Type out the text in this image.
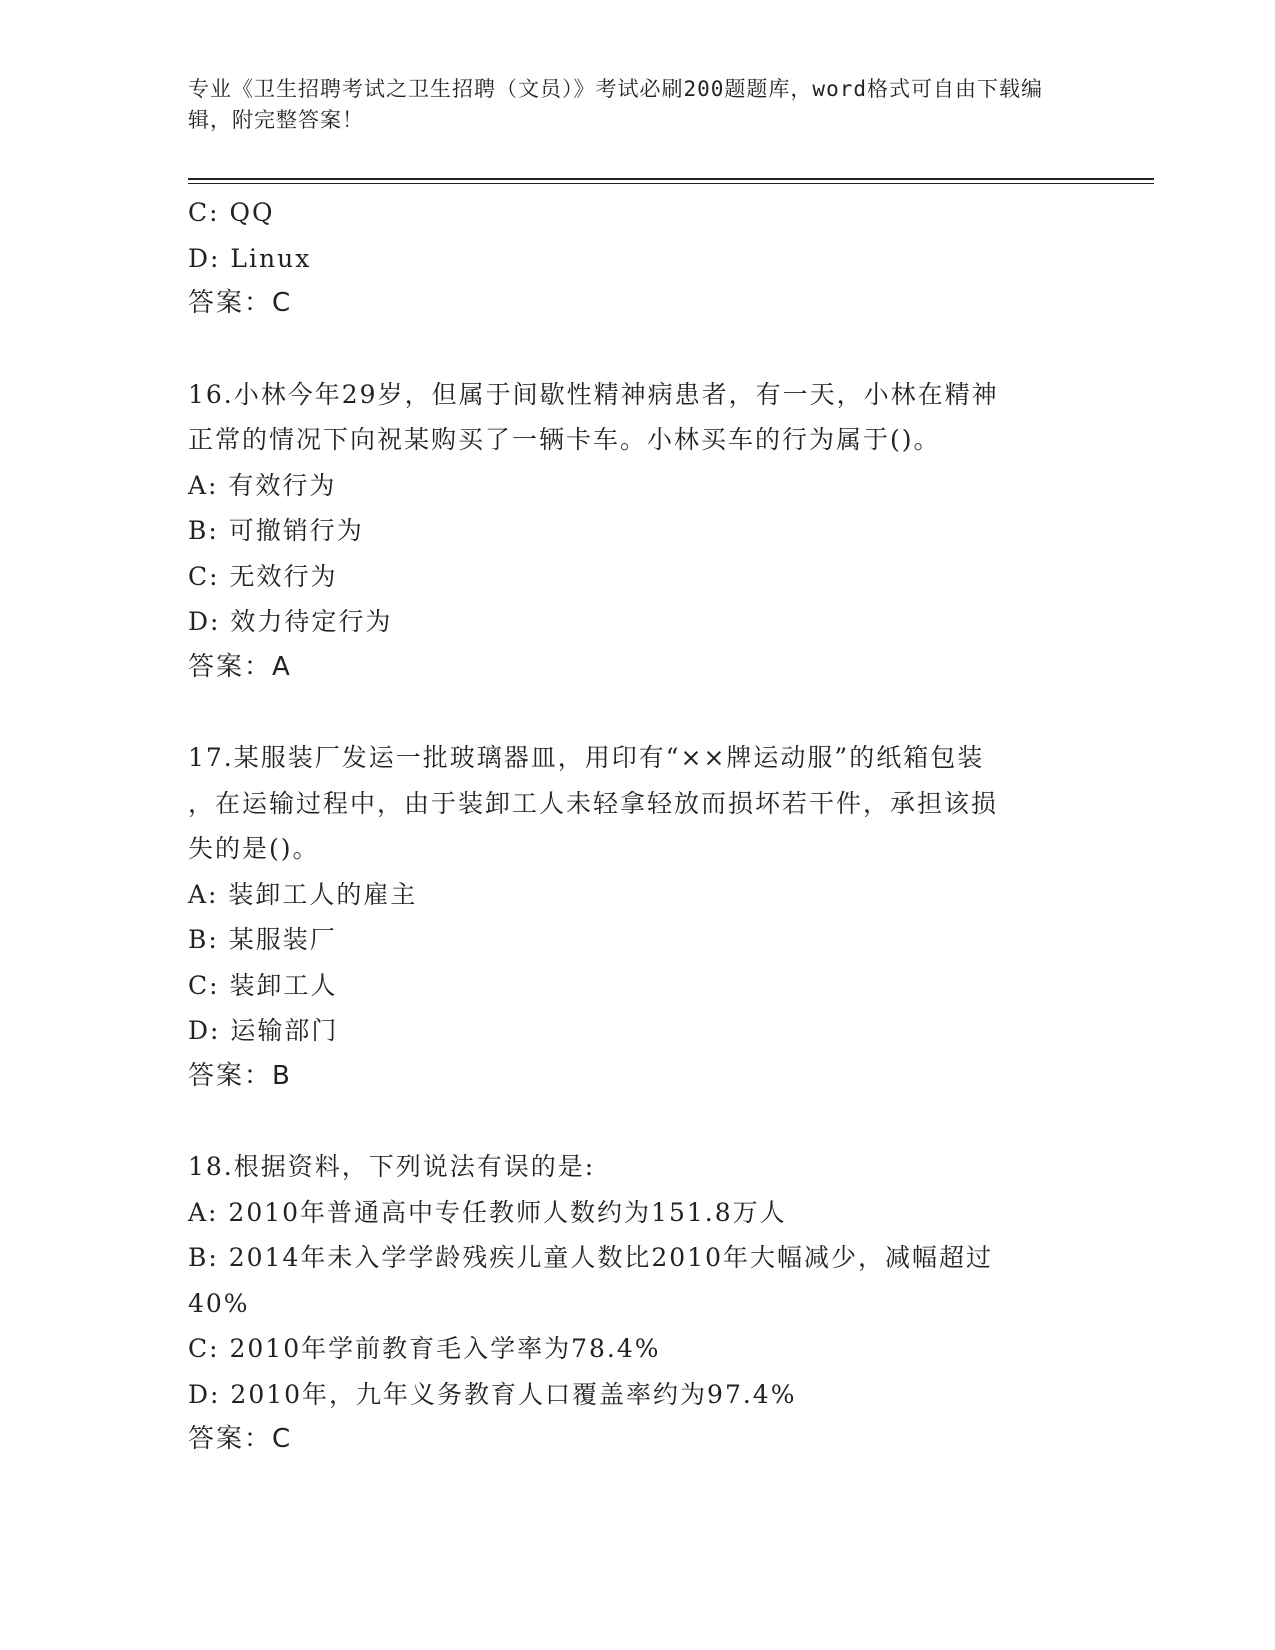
专业《卫生招聘考试之卫生招聘（文员）》考试必刷200题题库，word格式可自由下载编辑，附完整答案！
C: QQ
D: Linux
答案：C
16.小林今年29岁，但属于间歇性精神病患者，有一天，小林在精神
正常的情况下向祝某购买了一辆卡车。小林买车的行为属于()。
A: 有效行为
B: 可撤销行为
C: 无效行为
D: 效力待定行为
答案：A
17.某服装厂发运一批玻璃器皿，用印有“××牌运动服”的纸箱包装
，在运输过程中，由于装卸工人未轻拿轻放而损坏若干件，承担该损
失的是()。
A: 装卸工人的雇主
B: 某服装厂
C: 装卸工人
D: 运输部门
答案：B
18.根据资料，下列说法有误的是:
A: 2010年普通高中专任教师人数约为151.8万人
B: 2014年未入学学龄残疾儿童人数比2010年大幅减少，减幅超过
40%
C: 2010年学前教育毛入学率为78.4%
D: 2010年，九年义务教育人口覆盖率约为97.4%
答案：C
